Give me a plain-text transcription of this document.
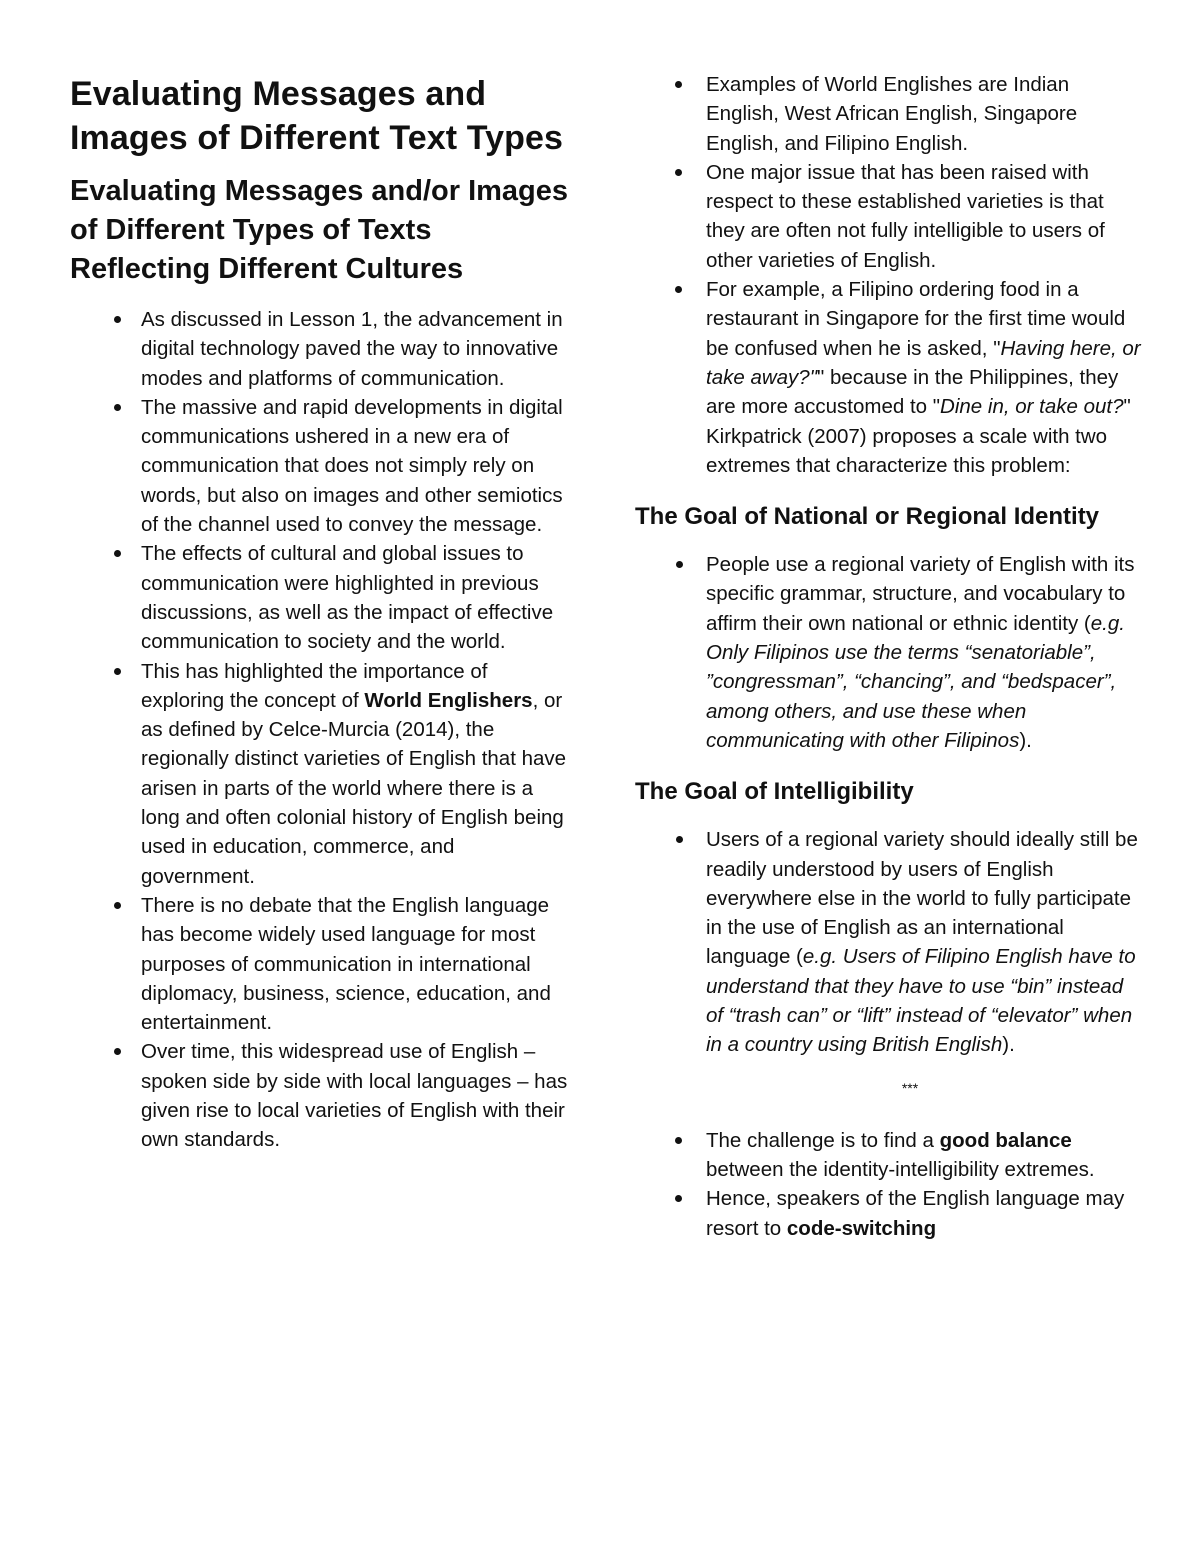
Evaluating Messages and Images of Different Text Types
Evaluating Messages and/or Images of Different Types of Texts Reflecting Different Cultures
As discussed in Lesson 1, the advancement in digital technology paved the way to innovative modes and platforms of communication.
The massive and rapid developments in digital communications ushered in a new era of communication that does not simply rely on words, but also on images and other semiotics of the channel used to convey the message.
The effects of cultural and global issues to communication were highlighted in previous discussions, as well as the impact of effective communication to society and the world.
This has highlighted the importance of exploring the concept of World Englishers, or as defined by Celce-Murcia (2014), the regionally distinct varieties of English that have arisen in parts of the world where there is a long and often colonial history of English being used in education, commerce, and government.
There is no debate that the English language has become widely used language for most purposes of communication in international diplomacy, business, science, education, and entertainment.
Over time, this widespread use of English – spoken side by side with local languages – has given rise to local varieties of English with their own standards.
Examples of World Englishes are Indian English, West African English, Singapore English, and Filipino English.
One major issue that has been raised with respect to these established varieties is that they are often not fully intelligible to users of other varieties of English.
For example, a Filipino ordering food in a restaurant in Singapore for the first time would be confused when he is asked, "Having here, or take away?"" because in the Philippines, they are more accustomed to "Dine in, or take out?" Kirkpatrick (2007) proposes a scale with two extremes that characterize this problem:
The Goal of National or Regional Identity
People use a regional variety of English with its specific grammar, structure, and vocabulary to affirm their own national or ethnic identity (e.g. Only Filipinos use the terms “senatoriable”, ”congressman”, “chancing”, and “bedspacer”, among others, and use these when communicating with other Filipinos).
The Goal of Intelligibility
Users of a regional variety should ideally still be readily understood by users of English everywhere else in the world to fully participate in the use of English as an international language (e.g. Users of Filipino English have to understand that they have to use “bin” instead of “trash can” or “lift” instead of “elevator” when in a country using British English).
***
The challenge is to find a good balance between the identity-intelligibility extremes.
Hence, speakers of the English language may resort to code-switching
